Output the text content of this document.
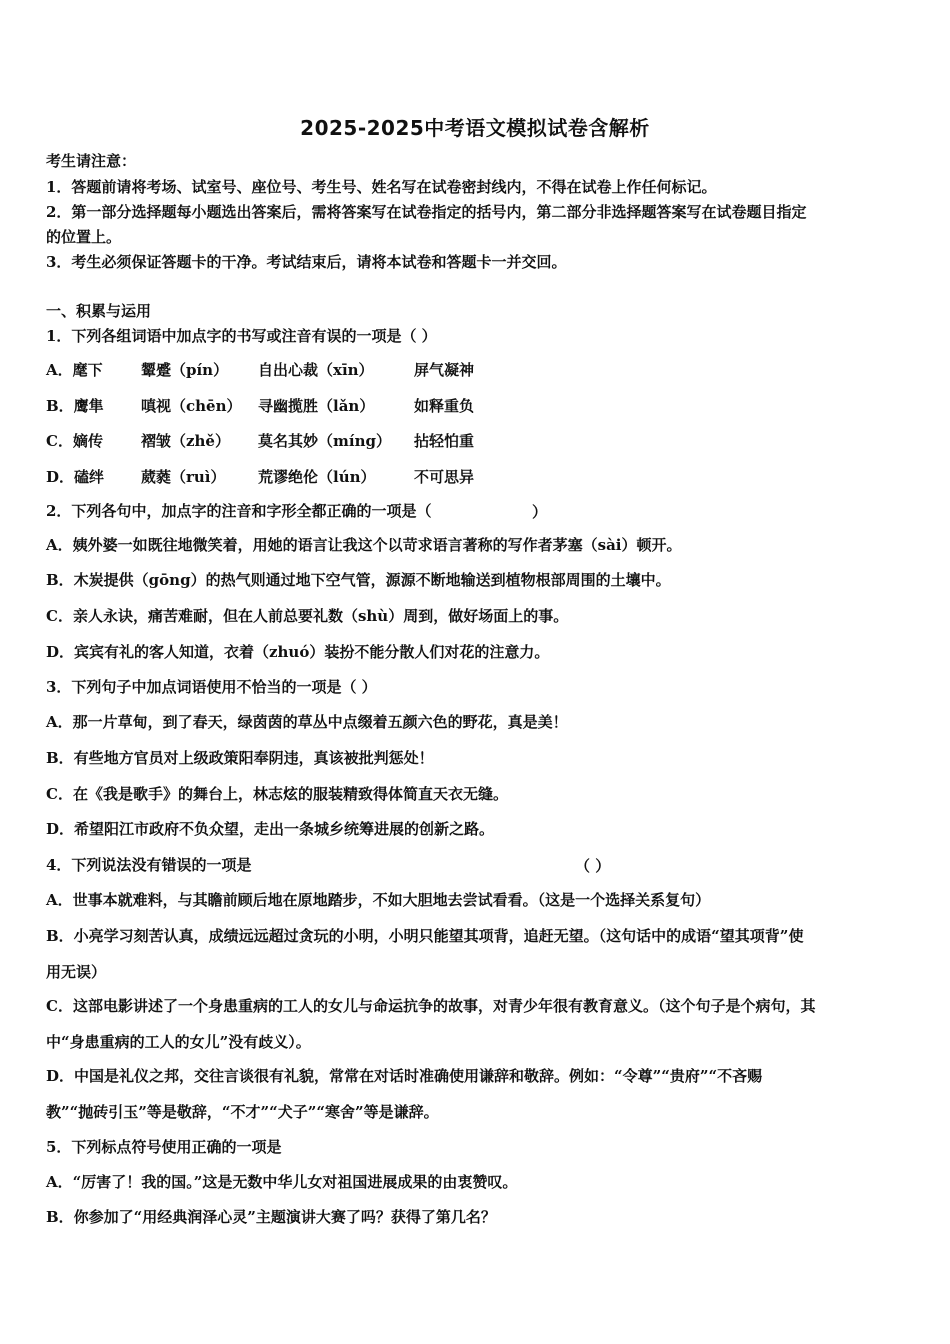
2025-2025中考语文模拟试卷含解析
考生请注意：
1．答题前请将考场、试室号、座位号、考生号、姓名写在试卷密封线内，不得在试卷上作任何标记。
2．第一部分选择题每小题选出答案后，需将答案写在试卷指定的括号内，第二部分非选择题答案写在试卷题目指定
的位置上。
3．考生必须保证答题卡的干净。考试结束后，请将本试卷和答题卡一并交回。
一、积累与运用
1．下列各组词语中加点字的书写或注音有误的一项是（ ）
A．麾下	颦蹙（pín） 自出心裁（xīn）	屏气凝神
B．鹰隼 嗔视（chēn） 寻幽揽胜（lǎn）	如释重负
C．嫡传	褶皱（zhě） 莫名其妙（míng） 拈轻怕重
D．磕绊 葳蕤（ruì） 荒谬绝伦（lún）	不可思异
2．下列各句中，加点字的注音和字形全都正确的一项是（	）
A．姨外婆一如既往地微笑着，用她的语言让我这个以苛求语言著称的写作者茅塞（sài）顿开。
B．木炭提供（gōng）的热气则通过地下空气管，源源不断地输送到植物根部周围的土壤中。
C．亲人永诀，痛苦难耐，但在人前总要礼数（shù）周到，做好场面上的事。
D．宾宾有礼的客人知道，衣着（zhuó）装扮不能分散人们对花的注意力。
3．下列句子中加点词语使用不恰当的一项是（ ）
A．那一片草甸，到了春天，绿茵茵的草丛中点缀着五颜六色的野花，真是美！
B．有些地方官员对上级政策阳奉阴违，真该被批判惩处！
C．在《我是歌手》的舞台上，林志炫的服装精致得体简直天衣无缝。
D．希望阳江市政府不负众望，走出一条城乡统筹进展的创新之路。
4．下列说法没有错误的一项是	（ ）
A．世事本就难料，与其瞻前顾后地在原地踏步，不如大胆地去尝试看看。（这是一个选择关系复句）
B．小亮学习刻苦认真，成绩远远超过贪玩的小明，小明只能望其项背，追赶无望。（这句话中的成语“望其项背”使
用无误）
C．这部电影讲述了一个身患重病的工人的女儿与命运抗争的故事，对青少年很有教育意义。（这个句子是个病句，其
中“身患重病的工人的女儿”没有歧义）。
D．中国是礼仪之邦，交往言谈很有礼貌，常常在对话时准确使用谦辞和敬辞。例如：“令尊”“贵府”“不吝赐
教”“抛砖引玉”等是敬辞，“不才”“犬子”“寒舍”等是谦辞。
5．下列标点符号使用正确的一项是
A．“厉害了！我的国。”这是无数中华儿女对祖国进展成果的由衷赞叹。
B．你参加了“用经典润泽心灵”主题演讲大赛了吗？获得了第几名？
